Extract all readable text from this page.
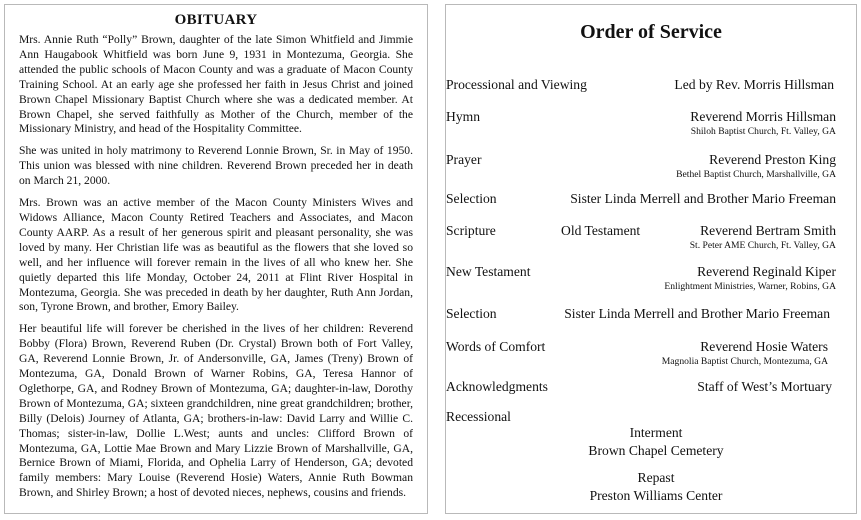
OBITUARY

Mrs. Annie Ruth “Polly” Brown, daughter of the late Simon Whitfield and Jimmie Ann Haugabook Whitfield was born June 9, 1931 in Montezuma, Georgia. She attended the public schools of Macon County and was a graduate of Macon County Training School. At an early age she professed her faith in Jesus Christ and joined Brown Chapel Missionary Baptist Church where she was a dedicated member. At Brown Chapel, she served faithfully as Mother of the Church, member of the Missionary Ministry, and head of the Hospitality Committee.

She was united in holy matrimony to Reverend Lonnie Brown, Sr. in May of 1950. This union was blessed with nine children. Reverend Brown preceded her in death on March 21, 2000.

Mrs. Brown was an active member of the Macon County Ministers Wives and Widows Alliance, Macon County Retired Teachers and Associates, and Macon County AARP. As a result of her generous spirit and pleasant personality, she was loved by many. Her Christian life was as beautiful as the flowers that she loved so well, and her influence will forever remain in the lives of all who knew her. She quietly departed this life Monday, October 24, 2011 at Flint River Hospital in Montezuma, Georgia. She was preceded in death by her daughter, Ruth Ann Jordan, son, Tyrone Brown, and brother, Emory Bailey.

Her beautiful life will forever be cherished in the lives of her children: Reverend Bobby (Flora) Brown, Reverend Ruben (Dr. Crystal) Brown both of Fort Valley, GA, Reverend Lonnie Brown, Jr. of Andersonville, GA, James (Treny) Brown of Montezuma, GA, Donald Brown of Warner Robins, GA, Teresa Hannor of Oglethorpe, GA, and Rodney Brown of Montezuma, GA; daughter-in-law, Dorothy Brown of Montezuma, GA; sixteen grandchildren, nine great grandchildren; brother, Billy (Delois) Journey of Atlanta, GA; brothers-in-law: David Larry and Willie C. Thomas; sister-in-law, Dollie L.West; aunts and uncles: Clifford Brown of Montezuma, GA, Lottie Mae Brown and Mary Lizzie Brown of Marshallville, GA, Bernice Brown of Miami, Florida, and Ophelia Larry of Henderson, GA; devoted family members: Mary Louise (Reverend Hosie) Waters, Annie Ruth Bowman Brown, and Shirley Brown; a host of devoted nieces, nephews, cousins and friends.

Order of Service
Processional and Viewing	Led by Rev. Morris Hillsman
Hymn	Reverend Morris Hillsman
Shiloh Baptist Church, Ft. Valley, GA
Prayer	Reverend Preston King
Bethel Baptist Church, Marshallville, GA
Selection	Sister Linda Merrell and Brother Mario Freeman
Scripture	Old Testament	Reverend Bertram Smith
St. Peter AME Church, Ft. Valley, GA
New Testament	Reverend Reginald Kiper
Enlightment Ministries, Warner, Robins, GA
Selection	Sister Linda Merrell and Brother Mario Freeman
Words of Comfort	Reverend Hosie Waters
Magnolia Baptist Church, Montezuma, GA
Acknowledgments	Staff of West’s Mortuary
Recessional
Interment
Brown Chapel Cemetery
Repast
Preston Williams Center
